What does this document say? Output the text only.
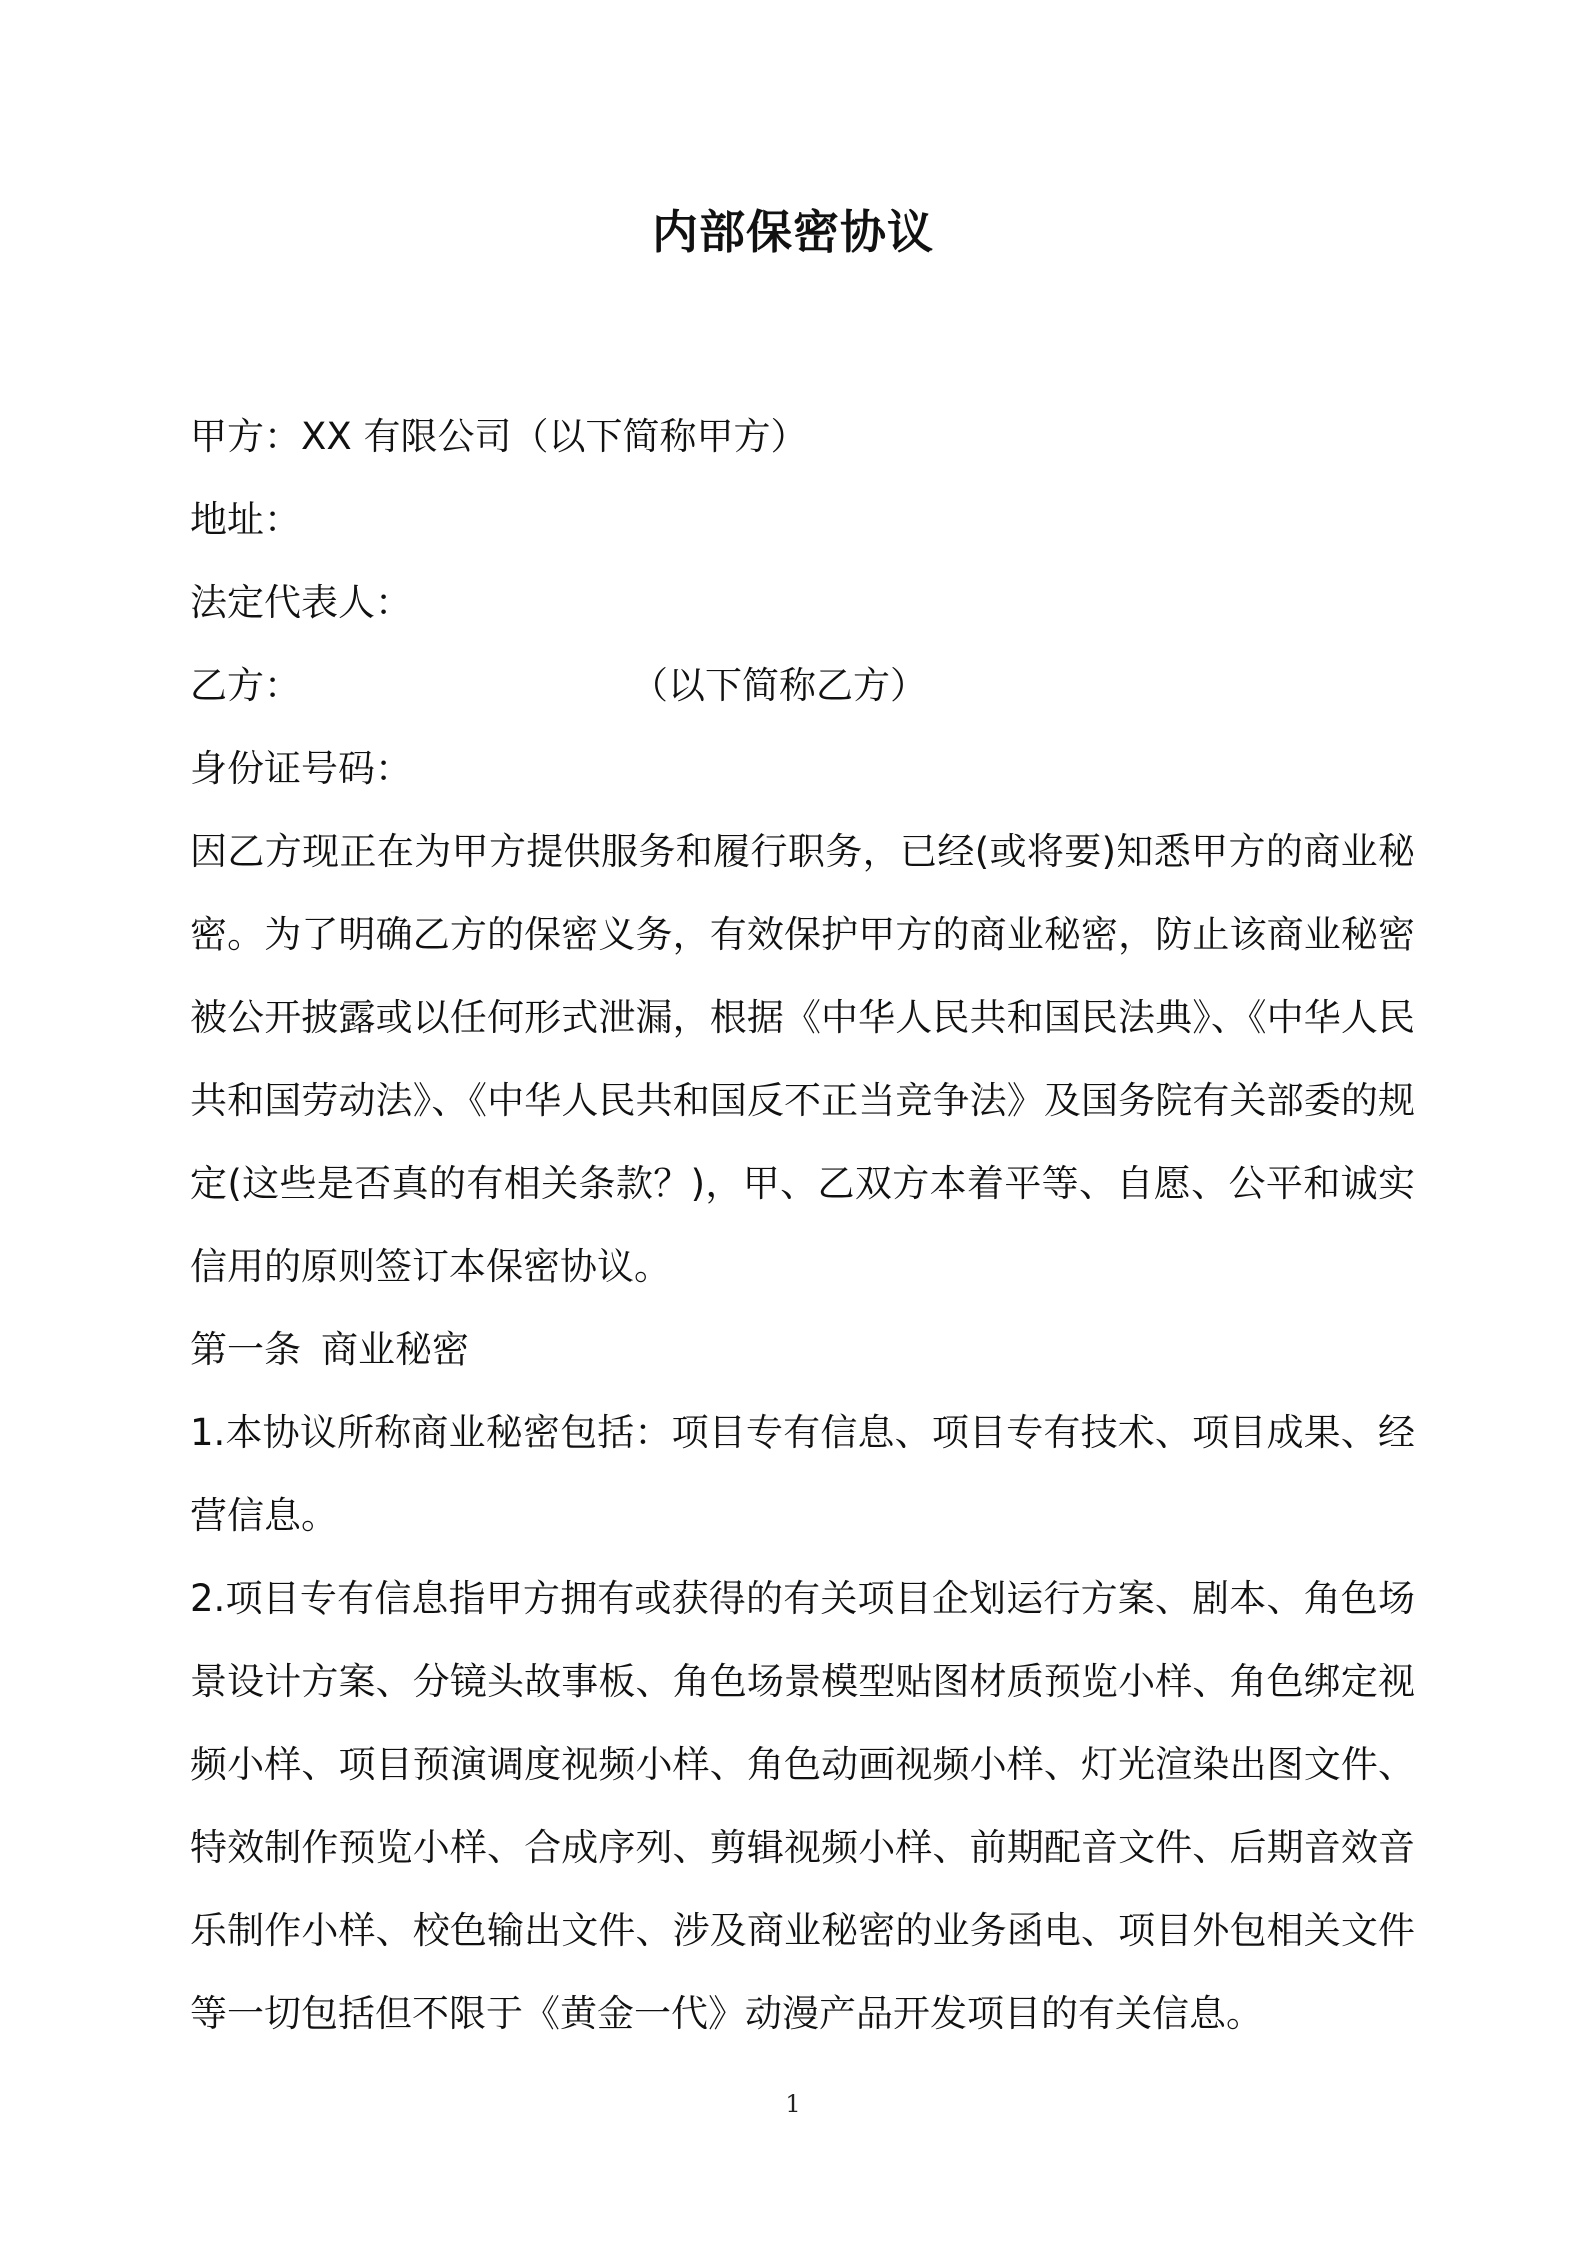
内部保密协议
甲方：XX 有限公司（以下简称甲方）
地址：
法定代表人：
乙方：	（以下简称乙方）
身份证号码：
因乙方现正在为甲方提供服务和履行职务，已经(或将要)知悉甲方的商业秘密。为了明确乙方的保密义务，有效保护甲方的商业秘密，防止该商业秘密被公开披露或以任何形式泄漏，根据《中华人民共和国民法典》、《中华人民共和国劳动法》、《中华人民共和国反不正当竞争法》及国务院有关部委的规定(这些是否真的有相关条款？)，甲、乙双方本着平等、自愿、公平和诚实信用的原则签订本保密协议。
第一条 商业秘密
1.本协议所称商业秘密包括：项目专有信息、项目专有技术、项目成果、经营信息。
2.项目专有信息指甲方拥有或获得的有关项目企划运行方案、剧本、角色场景设计方案、分镜头故事板、角色场景模型贴图材质预览小样、角色绑定视频小样、项目预演调度视频小样、角色动画视频小样、灯光渲染出图文件、特效制作预览小样、合成序列、剪辑视频小样、前期配音文件、后期音效音乐制作小样、校色输出文件、涉及商业秘密的业务函电、项目外包相关文件等一切包括但不限于《黄金一代》动漫产品开发项目的有关信息。
1
